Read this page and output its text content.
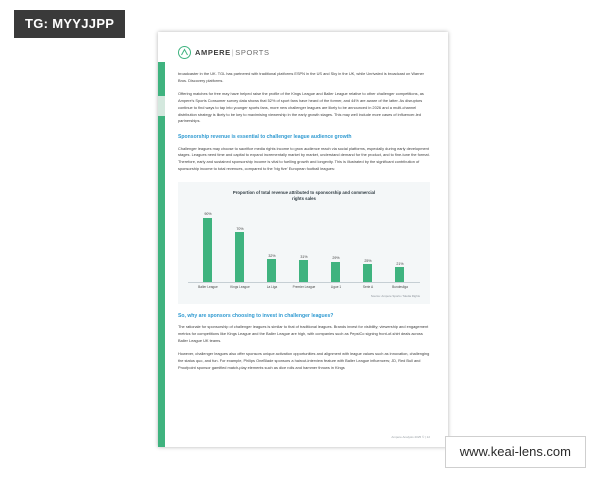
TG: MYYJJPP
AMPERE|SPORTS

broadcaster in the UK. TGL has partnered with traditional platforms ESPN in the US and Sky in the UK, while Unrivaled is broadcast on Warner Bros. Discovery platforms.

Offering matches for free may have helped raise the profile of the Kings League and Baller League relative to other challenger competitions, as Ampere's Sports Consumer survey data shows that 52% of sport fans have heard of the former, and 44% are aware of the latter. As disruptors continue to find ways to tap into younger sports fans, more new challenger leagues are likely to be announced in 2026 and a multi-channel distribution strategy is likely to be key to maximising viewership in the early growth stages. This may well include more cases of influencer-led partnerships.

Sponsorship revenue is essential to challenger league audience growth

Challenger leagues may choose to sacrifice media rights income to grow audience reach via social platforms, especially during early development stages. Leagues need time and capital to expand incrementally market by market, understand demand for the product, and to fine-tune the format. Therefore, early and sustained sponsorship income is vital to fuelling growth and longevity. This is illustrated by the significant contribution of sponsorship income to total revenues, compared to the 'big five' European football leagues:

Proportion of total revenue attributed to sponsorship and commercial rights sales
90%
70%
32%	31%	29%
25%
21%
Baller League	Kings League	La Liga	Premier League	Ligue 1	Serie A	Bundesliga
Source: Ampere Sports / Media Rights
So, why are sponsors choosing to invest in challenger leagues?

The rationale for sponsorship of challenger leagues is similar to that of traditional leagues. Brands invest for visibility; viewership and engagement metrics for competitions like Kings League and the Baller League are high, with companies such as PepsiCo signing front-of-shirt deals across Baller League UK teams.

However, challenger leagues also offer sponsors unique activation opportunities and alignment with league values such as innovation, challenging the status quo, and fun. For example, Philips OneBlade sponsors a haircut-interview feature with Baller League influencers; JD, Red Bull and Proofpoint sponsor gamified match-play elements such as dice rolls and hammer throws in Kings

Ampere Analysis 2025 © | 12
www.keai-lens.com
